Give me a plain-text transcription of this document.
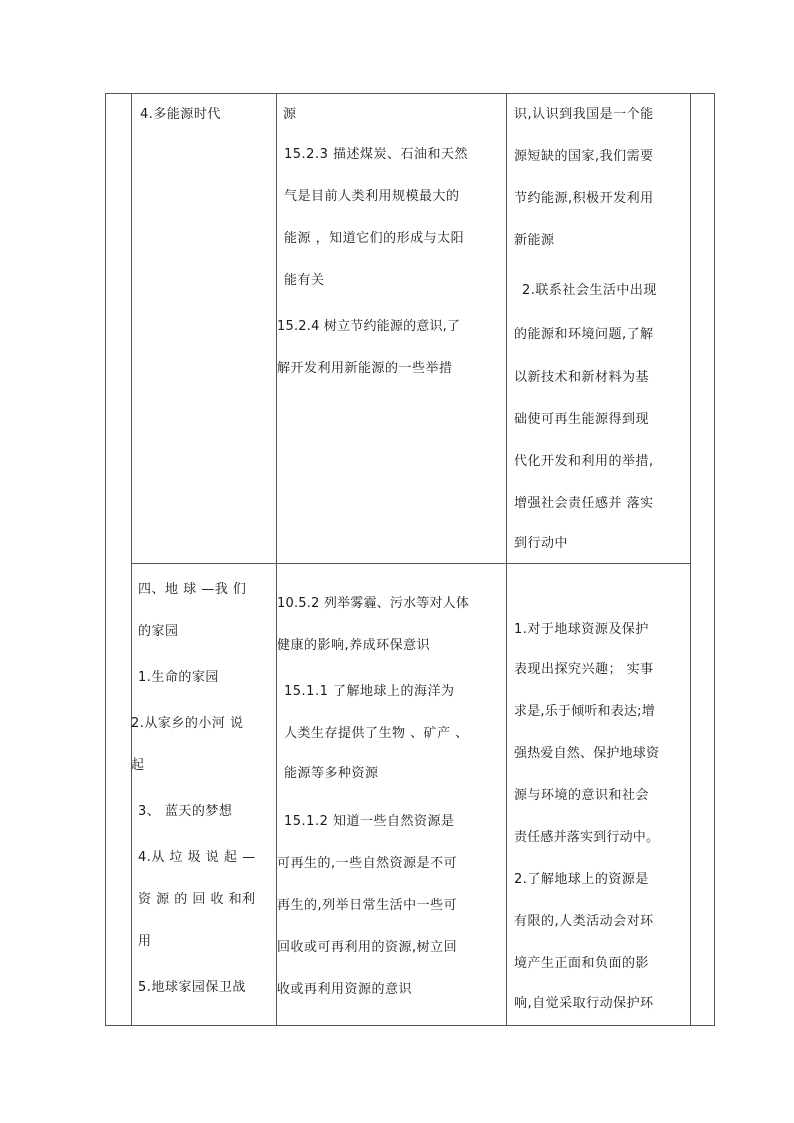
4.多能源时代	源

15.2.3 描述煤炭、石油和天然

气是目前人类利用规模最大的

能源 ，知道它们的形成与太阳

能有关

15.2.4 树立节约能源的意识,了

解开发利用新能源的一些举措

识,认识到我国是一个能

源短缺的国家,我们需要

节约能源,积极开发利用

新能源

2.联系社会生活中出现

的能源和环境问题,了解

以新技术和新材料为基

础使可再生能源得到现

代化开发和利用的举措,

增强社会责任感并 落实

到行动中

四、地 球 —我 们

的家园

1.生命的家园

2.从家乡的小河 说

起

3、 蓝天的梦想

4.从 垃 圾 说 起 —

资 源 的 回 收 和利

用

5.地球家园保卫战

10.5.2 列举雾霾、污水等对人体

健康的影响,养成环保意识

15.1.1 了解地球上的海洋为

人类生存提供了生物 、矿产 、

能源等多种资源

15.1.2 知道一些自然资源是

可再生的,一些自然资源是不可

再生的,列举日常生活中一些可

回收或可再利用的资源,树立回

收或再利用资源的意识

1.对于地球资源及保护

表现出探究兴趣； 实事

求是,乐于倾听和表达;增

强热爱自然、保护地球资

源与环境的意识和社会

责任感并落实到行动中。

2.了解地球上的资源是

有限的,人类活动会对环

境产生正面和负面的影

响,自觉采取行动保护环
